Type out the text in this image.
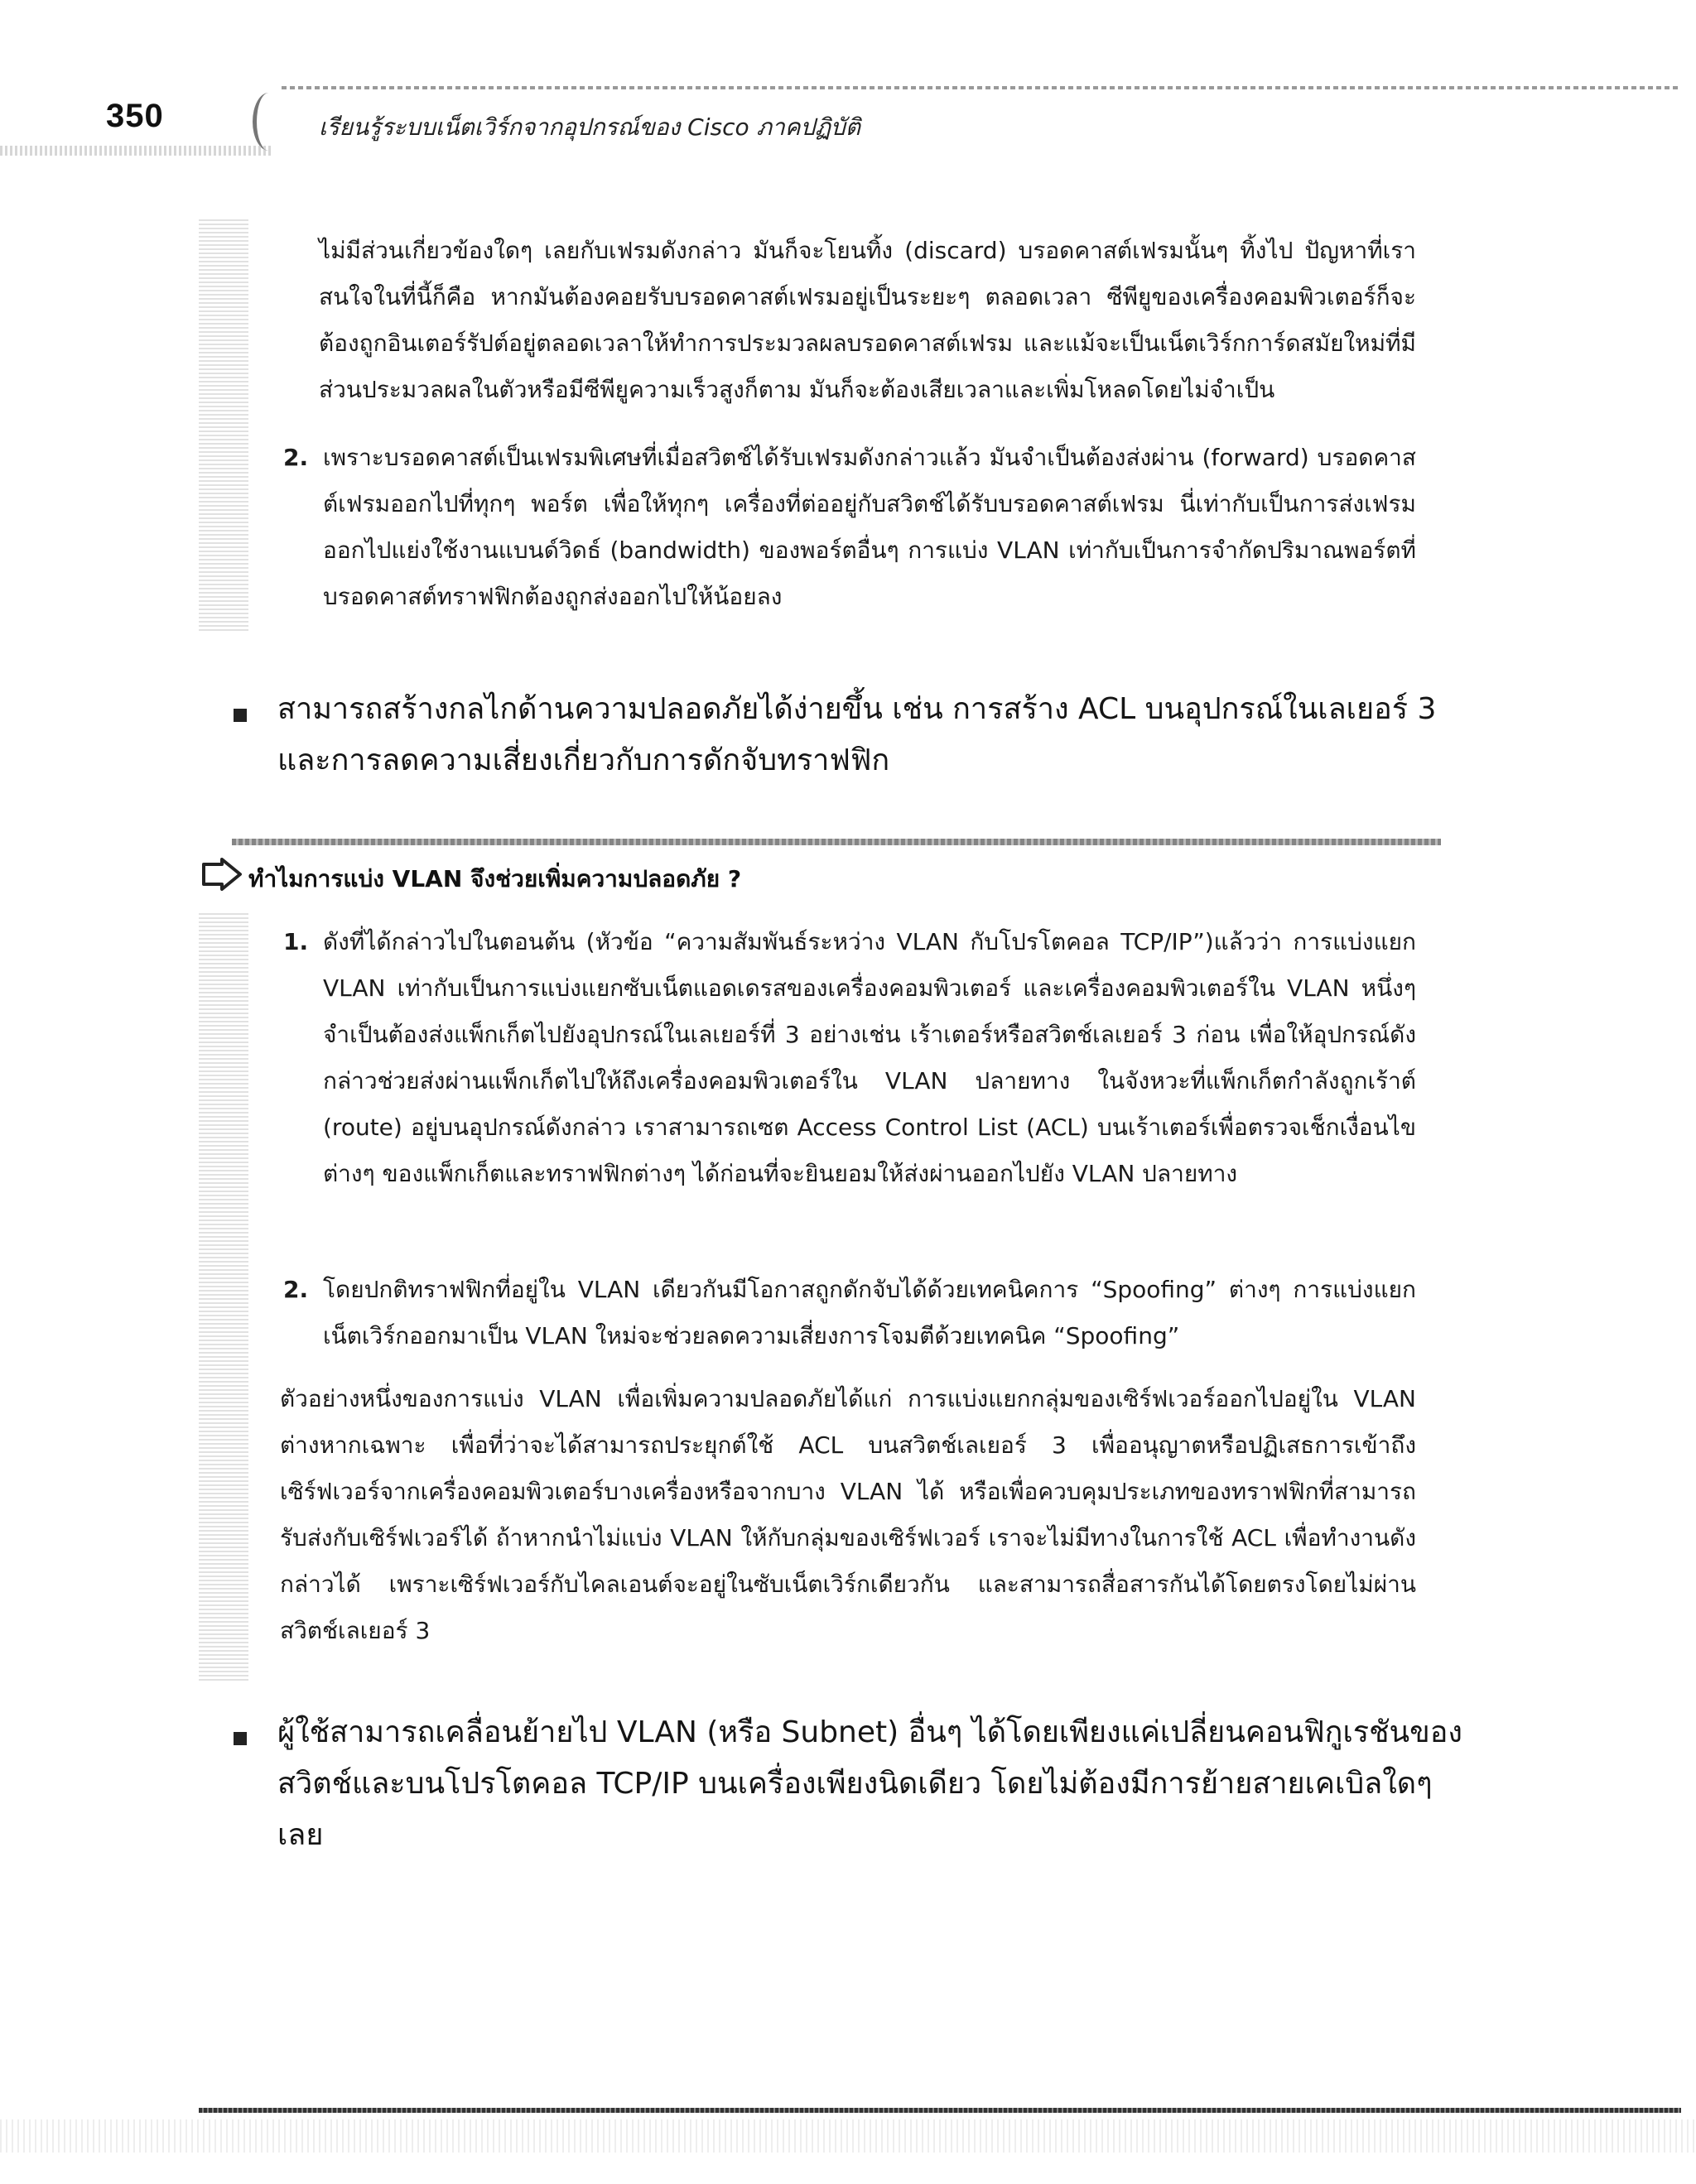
350	เรียนรู้ระบบเน็ตเวิร์กจากอุปกรณ์ของ Cisco ภาคปฏิบัติ

ไม่มีส่วนเกี่ยวข้องใดๆ เลยกับเฟรมดังกล่าว มันก็จะโยนทิ้ง (discard) บรอดคาสต์เฟรมนั้นๆ ทิ้งไป ปัญหาที่เราสนใจในที่นี้ก็คือ หากมันต้องคอยรับบรอดคาสต์เฟรมอยู่เป็นระยะๆ ตลอดเวลา ซีพียูของเครื่องคอมพิวเตอร์ก็จะต้องถูกอินเตอร์รัปต์อยู่ตลอดเวลาให้ทำการประมวลผลบรอดคาสต์เฟรม และแม้จะเป็นเน็ตเวิร์กการ์ดสมัยใหม่ที่มีส่วนประมวลผลในตัวหรือมีซีพียูความเร็วสูงก็ตาม มันก็จะต้องเสียเวลาและเพิ่มโหลดโดยไม่จำเป็น

2. เพราะบรอดคาสต์เป็นเฟรมพิเศษที่เมื่อสวิตช์ได้รับเฟรมดังกล่าวแล้ว มันจำเป็นต้องส่งผ่าน (forward) บรอดคาสต์เฟรมออกไปที่ทุกๆ พอร์ต เพื่อให้ทุกๆ เครื่องที่ต่ออยู่กับสวิตช์ได้รับบรอดคาสต์เฟรม นี่เท่ากับเป็นการส่งเฟรมออกไปแย่งใช้งานแบนด์วิดธ์ (bandwidth) ของพอร์ตอื่นๆ การแบ่ง VLAN เท่ากับเป็นการจำกัดปริมาณพอร์ตที่บรอดคาสต์ทราฟฟิกต้องถูกส่งออกไปให้น้อยลง

สามารถสร้างกลไกด้านความปลอดภัยได้ง่ายขึ้น เช่น การสร้าง ACL บนอุปกรณ์ในเลเยอร์ 3 และการลดความเสี่ยงเกี่ยวกับการดักจับทราฟฟิก

ทำไมการแบ่ง VLAN จึงช่วยเพิ่มความปลอดภัย ?

1. ดังที่ได้กล่าวไปในตอนต้น (หัวข้อ “ความสัมพันธ์ระหว่าง VLAN กับโปรโตคอล TCP/IP”)แล้วว่า การแบ่งแยก VLAN เท่ากับเป็นการแบ่งแยกซับเน็ตแอดเดรสของเครื่องคอมพิวเตอร์ และเครื่องคอมพิวเตอร์ใน VLAN หนึ่งๆ จำเป็นต้องส่งแพ็กเก็ตไปยังอุปกรณ์ในเลเยอร์ที่ 3 อย่างเช่น เร้าเตอร์หรือสวิตช์เลเยอร์ 3 ก่อน เพื่อให้อุปกรณ์ดังกล่าวช่วยส่งผ่านแพ็กเก็ตไปให้ถึงเครื่องคอมพิวเตอร์ใน VLAN ปลายทาง ในจังหวะที่แพ็กเก็ตกำลังถูกเร้าต์ (route) อยู่บนอุปกรณ์ดังกล่าว เราสามารถเซต Access Control List (ACL) บนเร้าเตอร์เพื่อตรวจเช็กเงื่อนไขต่างๆ ของแพ็กเก็ตและทราฟฟิกต่างๆ ได้ก่อนที่จะยินยอมให้ส่งผ่านออกไปยัง VLAN ปลายทาง
2. โดยปกติทราฟฟิกที่อยู่ใน VLAN เดียวกันมีโอกาสถูกดักจับได้ด้วยเทคนิคการ “Spoofing” ต่างๆ การแบ่งแยกเน็ตเวิร์กออกมาเป็น VLAN ใหม่จะช่วยลดความเสี่ยงการโจมตีด้วยเทคนิค “Spoofing”

ตัวอย่างหนึ่งของการแบ่ง VLAN เพื่อเพิ่มความปลอดภัยได้แก่ การแบ่งแยกกลุ่มของเซิร์ฟเวอร์ออกไปอยู่ใน VLAN ต่างหากเฉพาะ เพื่อที่ว่าจะได้สามารถประยุกต์ใช้ ACL บนสวิตช์เลเยอร์ 3 เพื่ออนุญาตหรือปฏิเสธการเข้าถึงเซิร์ฟเวอร์จากเครื่องคอมพิวเตอร์บางเครื่องหรือจากบาง VLAN ได้ หรือเพื่อควบคุมประเภทของทราฟฟิกที่สามารถรับส่งกับเซิร์ฟเวอร์ได้ ถ้าหากนำไม่แบ่ง VLAN ให้กับกลุ่มของเซิร์ฟเวอร์ เราจะไม่มีทางในการใช้ ACL เพื่อทำงานดังกล่าวได้ เพราะเซิร์ฟเวอร์กับไคลเอนต์จะอยู่ในซับเน็ตเวิร์กเดียวกัน และสามารถสื่อสารกันได้โดยตรงโดยไม่ผ่านสวิตช์เลเยอร์ 3

ผู้ใช้สามารถเคลื่อนย้ายไป VLAN (หรือ Subnet) อื่นๆ ได้โดยเพียงแค่เปลี่ยนคอนฟิกูเรชันของสวิตช์และบนโปรโตคอล TCP/IP บนเครื่องเพียงนิดเดียว โดยไม่ต้องมีการย้ายสายเคเบิลใดๆ เลย
